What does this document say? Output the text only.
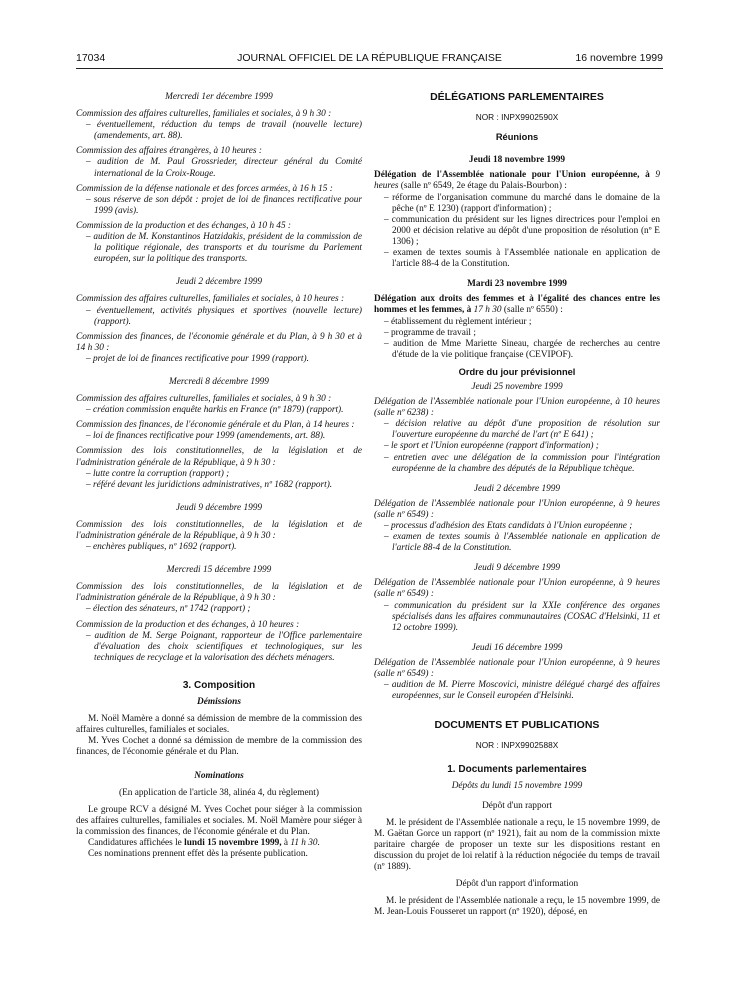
17034	JOURNAL OFFICIEL DE LA RÉPUBLIQUE FRANÇAISE	16 novembre 1999

Mercredi 1er décembre 1999

Commission des affaires culturelles, familiales et sociales, à 9 h 30 :

– éventuellement, réduction du temps de travail (nouvelle lecture) (amendements, art. 88).

Commission des affaires étrangères, à 10 heures :

– audition de M. Paul Grossrieder, directeur général du Comité international de la Croix-Rouge.

Commission de la défense nationale et des forces armées, à 16 h 15 :

– sous réserve de son dépôt : projet de loi de finances rectificative pour 1999 (avis).

Commission de la production et des échanges, à 10 h 45 :

– audition de M. Konstantinos Hatzidakis, président de la commission de la politique régionale, des transports et du tourisme du Parlement européen, sur la politique des transports.

Jeudi 2 décembre 1999

Commission des affaires culturelles, familiales et sociales, à 10 heures :

– éventuellement, activités physiques et sportives (nouvelle lecture) (rapport).

Commission des finances, de l'économie générale et du Plan, à 9 h 30 et à 14 h 30 :

– projet de loi de finances rectificative pour 1999 (rapport).

Mercredi 8 décembre 1999

Commission des affaires culturelles, familiales et sociales, à 9 h 30 :

– création commission enquête harkis en France (nº 1879) (rapport).

Commission des finances, de l'économie générale et du Plan, à 14 heures :

– loi de finances rectificative pour 1999 (amendements, art. 88).

Commission des lois constitutionnelles, de la législation et de l'administration générale de la République, à 9 h 30 :

– lutte contre la corruption (rapport) ;

– référé devant les juridictions administratives, nº 1682 (rapport).

Jeudi 9 décembre 1999

Commission des lois constitutionnelles, de la législation et de l'administration générale de la République, à 9 h 30 :

– enchères publiques, nº 1692 (rapport).

Mercredi 15 décembre 1999

Commission des lois constitutionnelles, de la législation et de l'administration générale de la République, à 9 h 30 :

– élection des sénateurs, nº 1742 (rapport) ;

Commission de la production et des échanges, à 10 heures :

– audition de M. Serge Poignant, rapporteur de l'Office parlementaire d'évaluation des choix scientifiques et technologiques, sur les techniques de recyclage et la valorisation des déchets ménagers.

3. Composition

Démissions

M. Noël Mamère a donné sa démission de membre de la commission des affaires culturelles, familiales et sociales.

M. Yves Cochet a donné sa démission de membre de la commission des finances, de l'économie générale et du Plan.

Nominations

(En application de l'article 38, alinéa 4, du règlement)

Le groupe RCV a désigné M. Yves Cochet pour siéger à la commission des affaires culturelles, familiales et sociales. M. Noël Mamère pour siéger à la commission des finances, de l'économie générale et du Plan.

Candidatures affichées le lundi 15 novembre 1999, à 11 h 30.

Ces nominations prennent effet dès la présente publication.

DÉLÉGATIONS PARLEMENTAIRES

NOR : INPX9902590X

Réunions

Jeudi 18 novembre 1999

Délégation de l'Assemblée nationale pour l'Union européenne, à 9 heures (salle nº 6549, 2e étage du Palais-Bourbon) :

– réforme de l'organisation commune du marché dans le domaine de la pêche (nº E 1230) (rapport d'information) ;

– communication du président sur les lignes directrices pour l'emploi en 2000 et décision relative au dépôt d'une proposition de résolution (nº E 1306) ;

– examen de textes soumis à l'Assemblée nationale en application de l'article 88-4 de la Constitution.

Mardi 23 novembre 1999

Délégation aux droits des femmes et à l'égalité des chances entre les hommes et les femmes, à 17 h 30 (salle nº 6550) :

– établissement du règlement intérieur ;

– programme de travail ;

– audition de Mme Mariette Sineau, chargée de recherches au centre d'étude de la vie politique française (CEVIPOF).

Ordre du jour prévisionnel

Jeudi 25 novembre 1999

Délégation de l'Assemblée nationale pour l'Union européenne, à 10 heures (salle nº 6238) :

– décision relative au dépôt d'une proposition de résolution sur l'ouverture européenne du marché de l'art (nº E 641) ;

– le sport et l'Union européenne (rapport d'information) ;

– entretien avec une délégation de la commission pour l'intégration européenne de la chambre des députés de la République tchèque.

Jeudi 2 décembre 1999

Délégation de l'Assemblée nationale pour l'Union européenne, à 9 heures (salle nº 6549) :

– processus d'adhésion des Etats candidats à l'Union européenne ;

– examen de textes soumis à l'Assemblée nationale en application de l'article 88-4 de la Constitution.

Jeudi 9 décembre 1999

Délégation de l'Assemblée nationale pour l'Union européenne, à 9 heures (salle nº 6549) :

– communication du président sur la XXIe conférence des organes spécialisés dans les affaires communautaires (COSAC d'Helsinki, 11 et 12 octobre 1999).

Jeudi 16 décembre 1999

Délégation de l'Assemblée nationale pour l'Union européenne, à 9 heures (salle nº 6549) :

– audition de M. Pierre Moscovici, ministre délégué chargé des affaires européennes, sur le Conseil européen d'Helsinki.

DOCUMENTS ET PUBLICATIONS

NOR : INPX9902588X

1. Documents parlementaires

Dépôts du lundi 15 novembre 1999

Dépôt d'un rapport

M. le président de l'Assemblée nationale a reçu, le 15 novembre 1999, de M. Gaëtan Gorce un rapport (nº 1921), fait au nom de la commission mixte paritaire chargée de proposer un texte sur les dispositions restant en discussion du projet de loi relatif à la réduction négociée du temps de travail (nº 1889).

Dépôt d'un rapport d'information

M. le président de l'Assemblée nationale a reçu, le 15 novembre 1999, de M. Jean-Louis Fousseret un rapport (nº 1920), déposé, en
